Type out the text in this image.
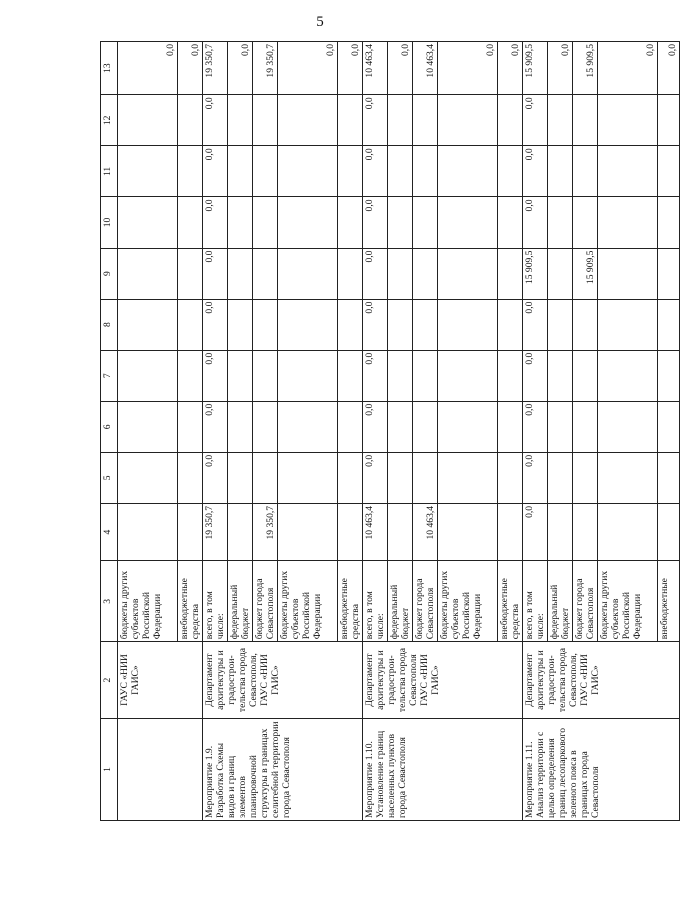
5
1	2	3	4	5	6	7	8	9	10	11	12	13
	ГАУС «НИИ ГАИС»	бюджеты других субъектов Российской Федерации										0,0
		внебюджетные средства										0,0
Мероприятие 1.9. Разработка Схемы видов и границ элементов планировочной структуры в границах селитебной территории города Севастополя	Департамент архитектуры и градострои-тельства города Севастополя, ГАУС «НИИ ГАИС»	всего, в том числе:	19 350,7	0,0	0,0	0,0	0,0	0,0	0,0	0,0	0,0	19 350,7
		федеральный бюджет										0,0
		бюджет города Севастополя	19 350,7									19 350,7
		бюджеты других субъектов Российской Федерации										0,0
		внебюджетные средства										0,0
Мероприятие 1.10. Установление границ населенных пунктов города Севастополя	Департамент архитектуры и градострои-тельства города Севастополя ГАУС «НИИ ГАИС»	всего, в том числе:	10 463,4	0,0	0,0	0,0	0,0	0,0	0,0	0,0	0,0	10 463,4
		федеральный бюджет										0,0
		бюджет города Севастополя	10 463,4									10 463,4
		бюджеты других субъектов Российской Федерации										0,0
		внебюджетные средства										0,0
Мероприятие 1.11. Анализ территории с целью определения границ лесопаркового зеленого пояса в границах города Севастополя	Департамент архитектуры и градострои-тельства города Севастополя, ГАУС «НИИ ГАИС»	всего, в том числе:	0,0	0,0	0,0	0,0	0,0	15 909,5	0,0	0,0	0,0	15 909,5
		федеральный бюджет										0,0
		бюджет города Севастополя						15 909,5				15 909,5
		бюджеты других субъектов Российской Федерации										0,0
		внебюджетные										0,0
